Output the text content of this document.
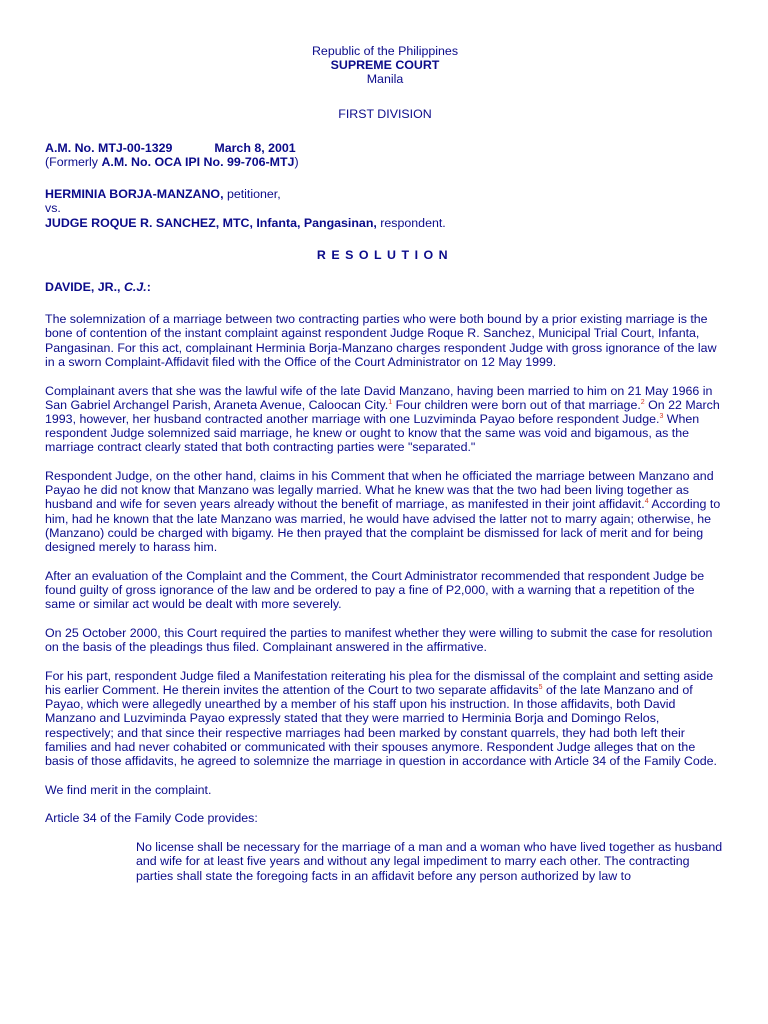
Republic of the Philippines
SUPREME COURT
Manila
FIRST DIVISION
A.M. No. MTJ-00-1329	March 8, 2001
(Formerly A.M. No. OCA IPI No. 99-706-MTJ)
HERMINIA BORJA-MANZANO, petitioner,
vs.
JUDGE ROQUE R. SANCHEZ, MTC, Infanta, Pangasinan, respondent.
RESOLUTION
DAVIDE, JR., C.J.:

The solemnization of a marriage between two contracting parties who were both bound by a prior existing marriage is the bone of contention of the instant complaint against respondent Judge Roque R. Sanchez, Municipal Trial Court, Infanta, Pangasinan. For this act, complainant Herminia Borja-Manzano charges respondent Judge with gross ignorance of the law in a sworn Complaint-Affidavit filed with the Office of the Court Administrator on 12 May 1999.

Complainant avers that she was the lawful wife of the late David Manzano, having been married to him on 21 May 1966 in San Gabriel Archangel Parish, Araneta Avenue, Caloocan City.$^1$ Four children were born out of that marriage.$^2$ On 22 March 1993, however, her husband contracted another marriage with one Luzviminda Payao before respondent Judge.$^3$ When respondent Judge solemnized said marriage, he knew or ought to know that the same was void and bigamous, as the marriage contract clearly stated that both contracting parties were "separated."

Respondent Judge, on the other hand, claims in his Comment that when he officiated the marriage between Manzano and Payao he did not know that Manzano was legally married. What he knew was that the two had been living together as husband and wife for seven years already without the benefit of marriage, as manifested in their joint affidavit.$^4$ According to him, had he known that the late Manzano was married, he would have advised the latter not to marry again; otherwise, he (Manzano) could be charged with bigamy. He then prayed that the complaint be dismissed for lack of merit and for being designed merely to harass him.

After an evaluation of the Complaint and the Comment, the Court Administrator recommended that respondent Judge be found guilty of gross ignorance of the law and be ordered to pay a fine of P2,000, with a warning that a repetition of the same or similar act would be dealt with more severely.

On 25 October 2000, this Court required the parties to manifest whether they were willing to submit the case for resolution on the basis of the pleadings thus filed. Complainant answered in the affirmative.

For his part, respondent Judge filed a Manifestation reiterating his plea for the dismissal of the complaint and setting aside his earlier Comment. He therein invites the attention of the Court to two separate affidavits$^5$ of the late Manzano and of Payao, which were allegedly unearthed by a member of his staff upon his instruction. In those affidavits, both David Manzano and Luzviminda Payao expressly stated that they were married to Herminia Borja and Domingo Relos, respectively; and that since their respective marriages had been marked by constant quarrels, they had both left their families and had never cohabited or communicated with their spouses anymore. Respondent Judge alleges that on the basis of those affidavits, he agreed to solemnize the marriage in question in accordance with Article 34 of the Family Code.

We find merit in the complaint.

Article 34 of the Family Code provides:

No license shall be necessary for the marriage of a man and a woman who have lived together as husband and wife for at least five years and without any legal impediment to marry each other. The contracting parties shall state the foregoing facts in an affidavit before any person authorized by law to
